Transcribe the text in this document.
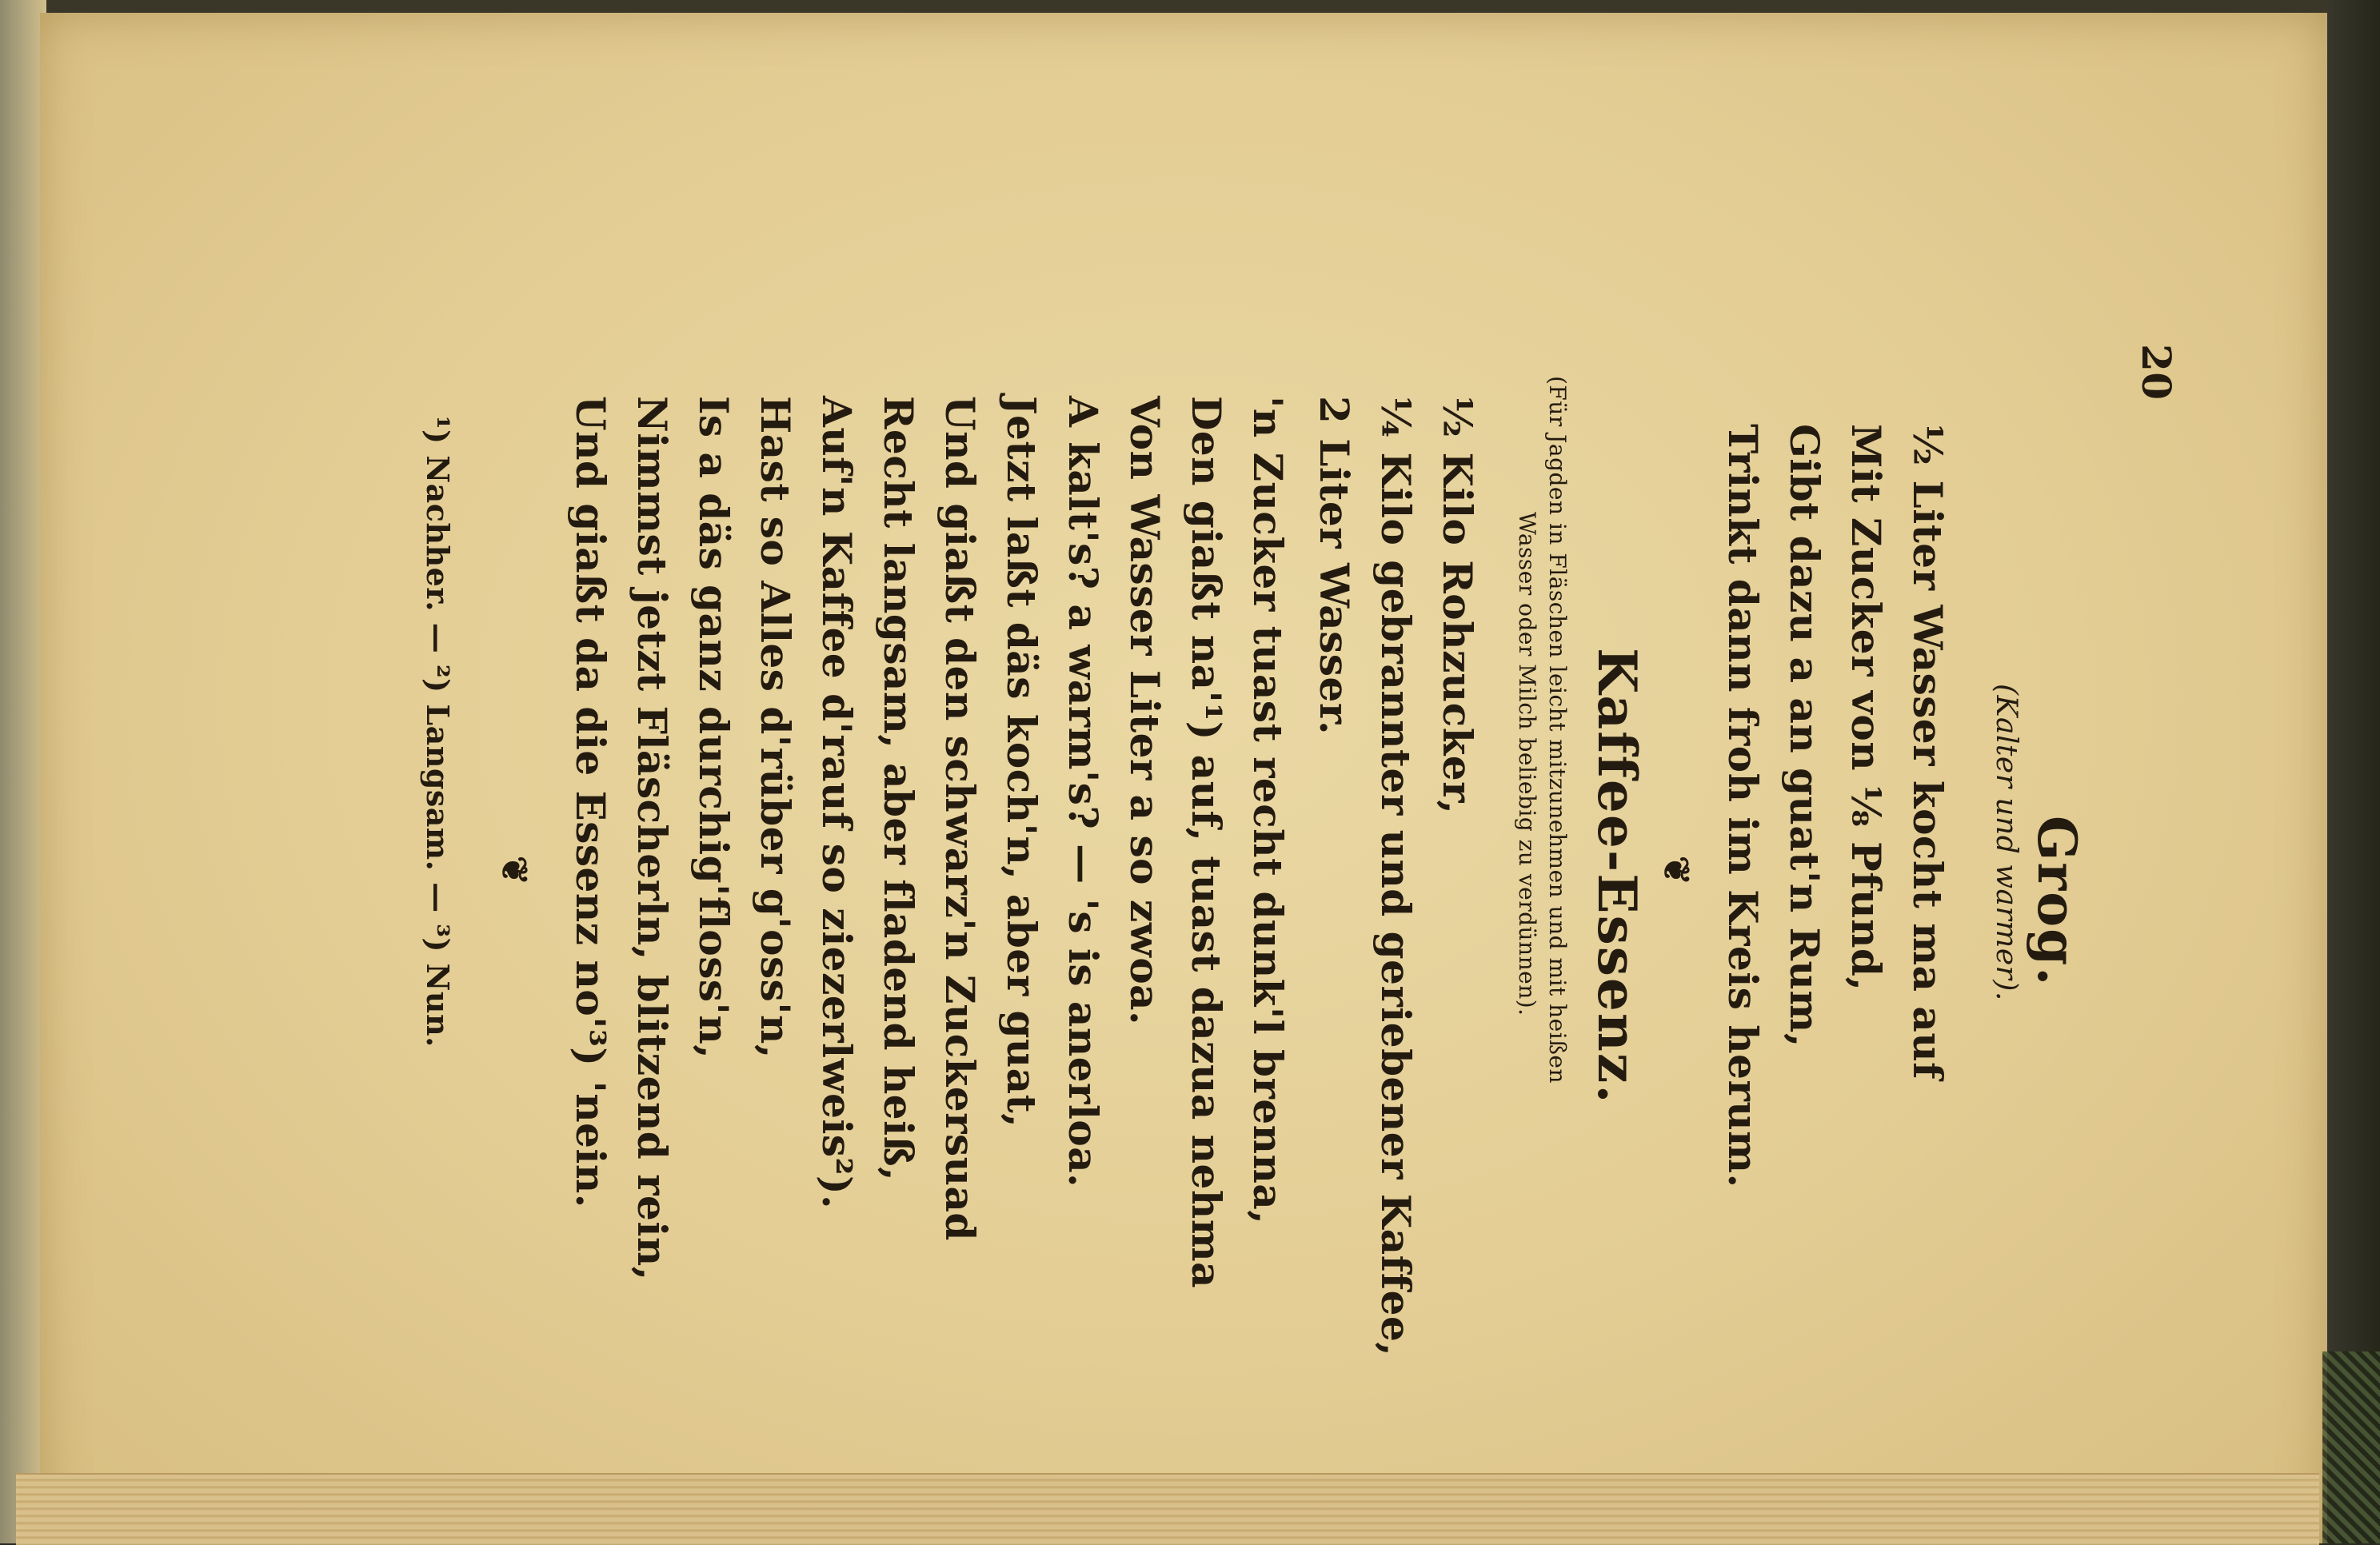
20
Grog.
(Kalter und warmer).
½ Liter Wasser kocht ma auf
Mit Zucker von ⅛ Pfund,
Gibt dazu a an guat'n Rum,
Trinkt dann froh im Kreis herum.
❦
Kaffee-Essenz.
(Für Jagden in Fläschen leicht mitzunehmen und mit heißen
Wasser oder Milch beliebig zu verdünnen).
½ Kilo Rohzucker,
¼ Kilo gebrannter und geriebener Kaffee,
2 Liter Wasser.
'n Zucker tuast recht dunk'l brenna,
Den giaßt na'¹) auf, tuast dazua nehma
Von Wasser Liter a so zwoa.
A kalt's? a warm's? — 's is anerloa.
Jetzt laßt däs koch'n, aber guat,
Und giaßt den schwarz'n Zuckersuad
Recht langsam, aber fladend heiß,
Auf'n Kaffee d'rauf so ziezerlweis²).
Hast so Alles d'rüber g'oss'n,
Is a däs ganz durchig'floss'n,
Nimmst jetzt Fläscherln, blitzend rein,
Und giaßt da die Essenz no'³) 'nein.
❦
¹) Nachher. — ²) Langsam. — ³) Nun.
